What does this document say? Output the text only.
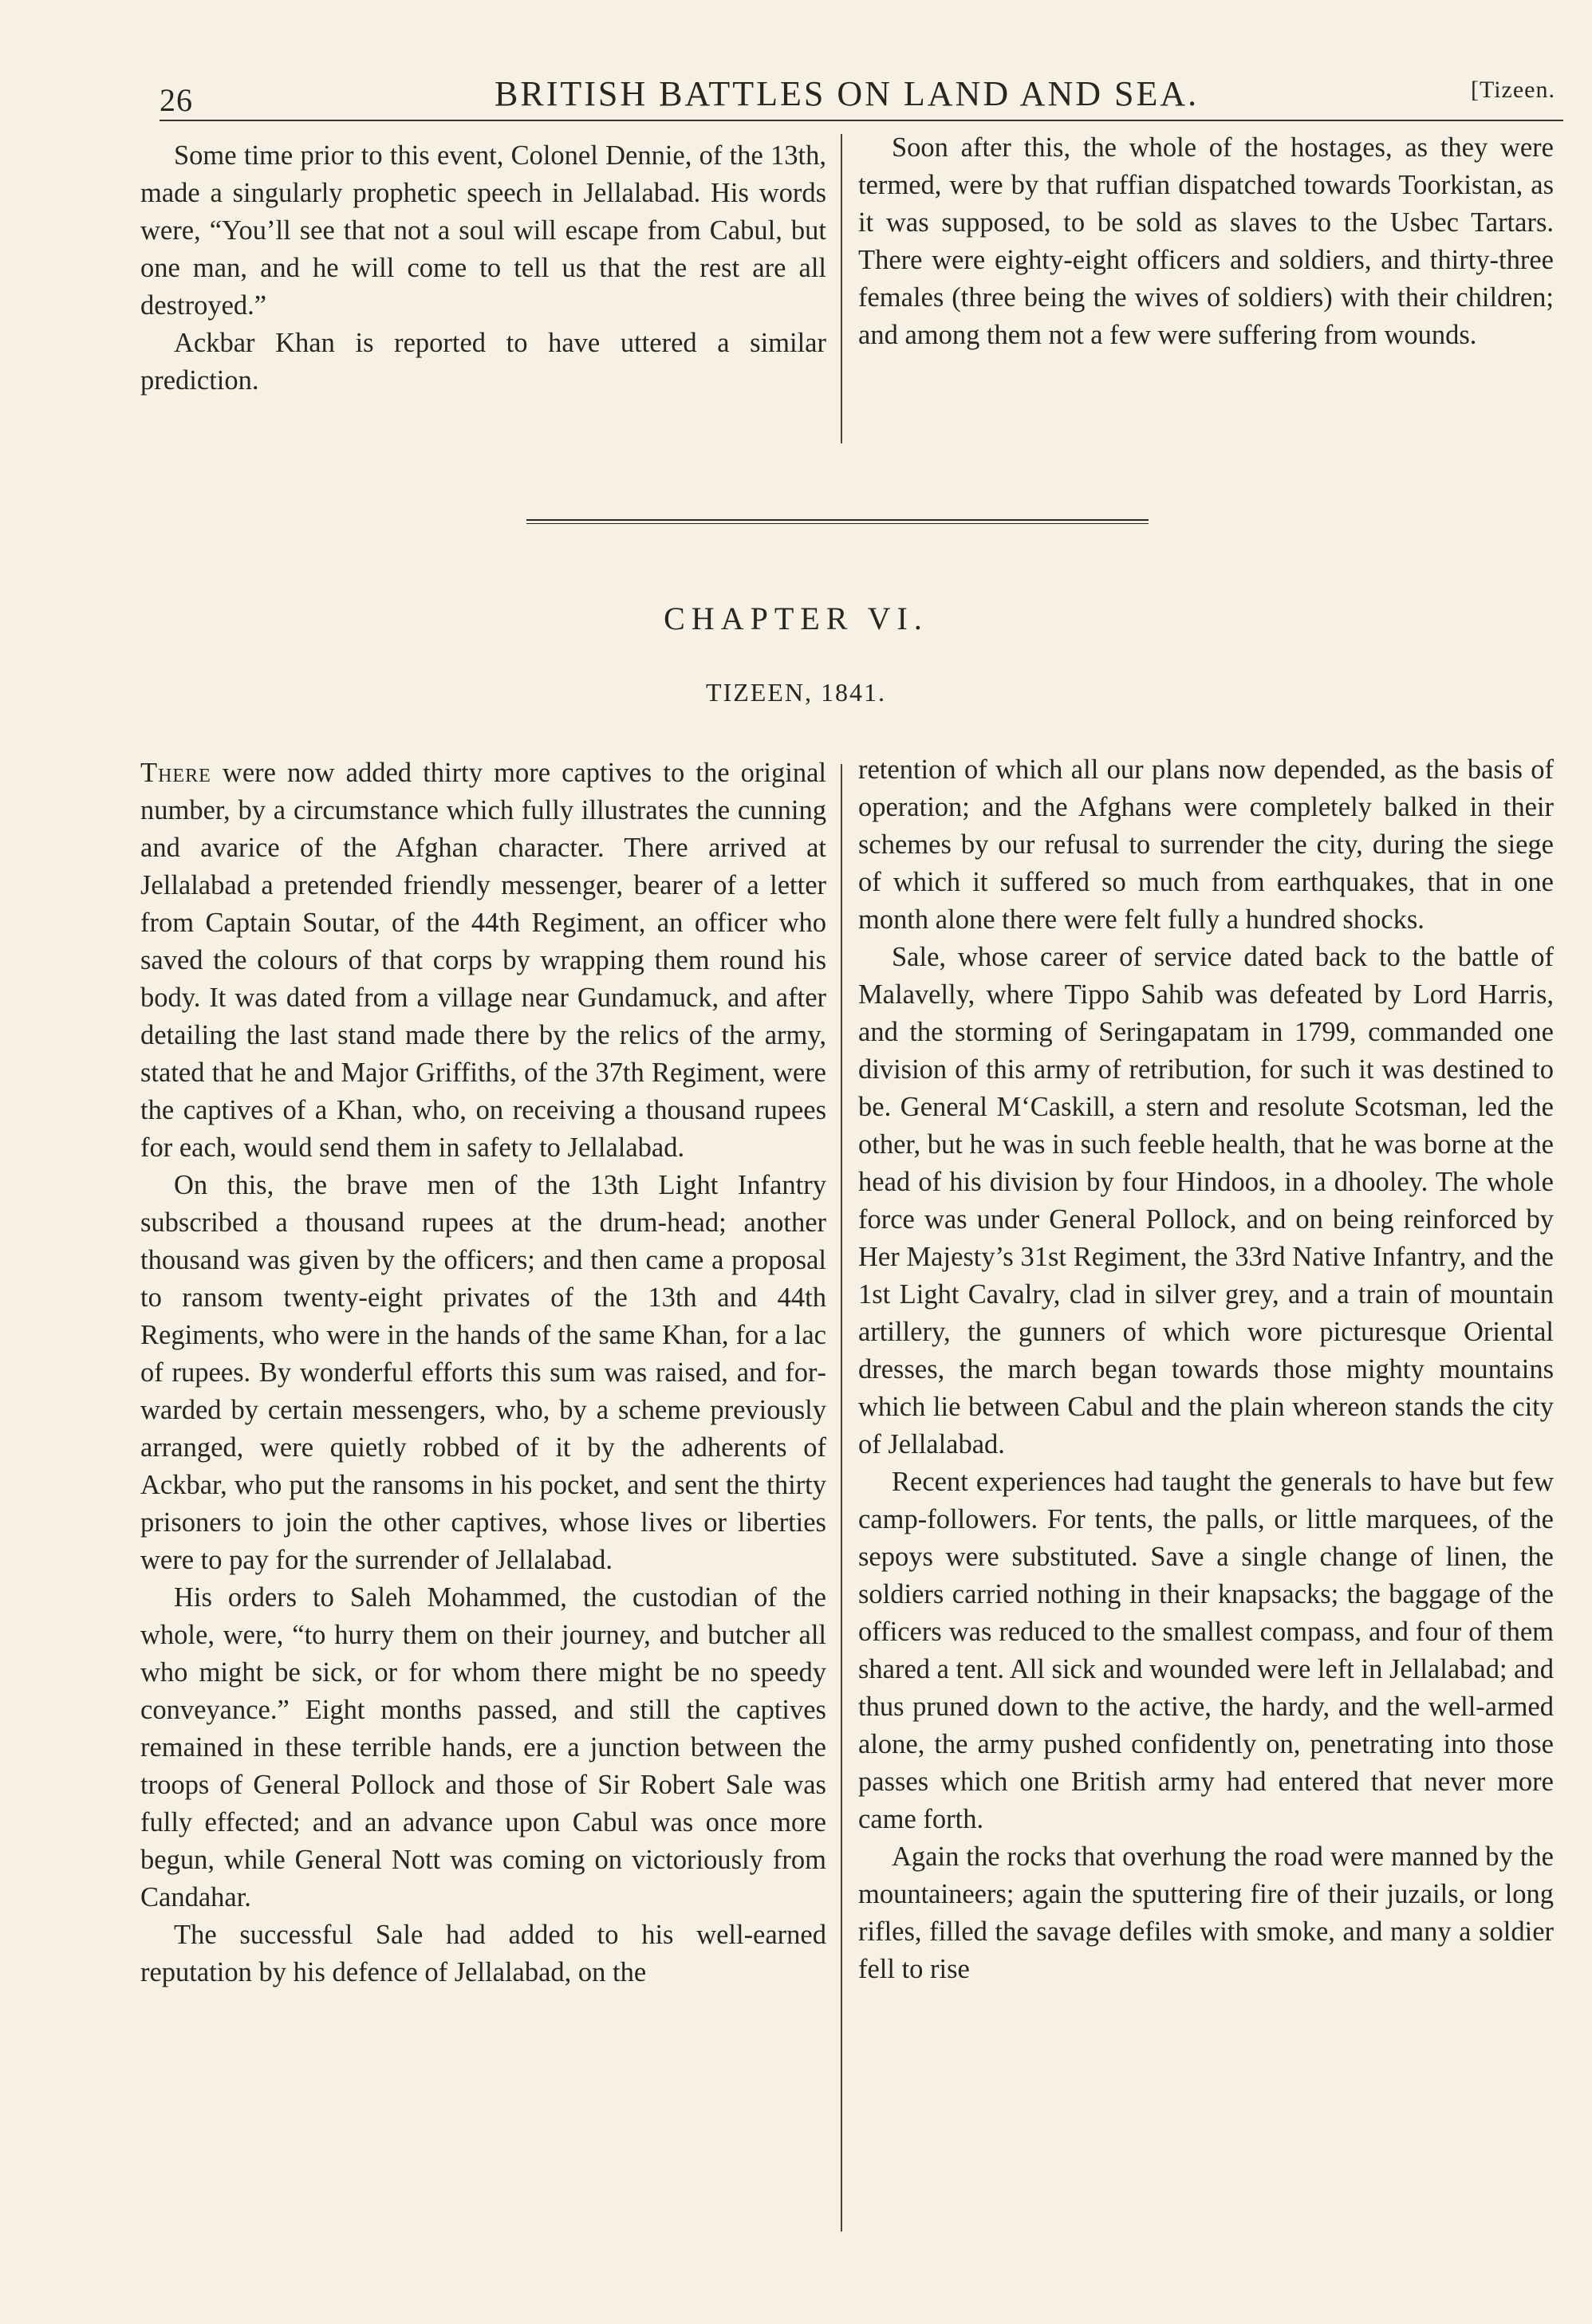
26	BRITISH BATTLES ON LAND AND SEA.	[Tizeen.

Some time prior to this event, Colonel Dennie, of the 13th, made a singularly prophetic speech in Jellalabad. His words were, “You’ll see that not a soul will escape from Cabul, but one man, and he will come to tell us that the rest are all destroyed.”

Ackbar Khan is reported to have uttered a similar prediction.

Soon after this, the whole of the hostages, as they were termed, were by that ruffian dispatched towards Toorkistan, as it was supposed, to be sold as slaves to the Usbec Tartars. There were eighty-eight officers and soldiers, and thirty-three females (three being the wives of soldiers) with their children; and among them not a few were suffering from wounds.

CHAPTER VI.
TIZEEN, 1841.

There were now added thirty more captives to the original number, by a circumstance which fully illustrates the cunning and avarice of the Afghan character. There arrived at Jellalabad a pretended friendly messenger, bearer of a letter from Captain Soutar, of the 44th Regiment, an officer who saved the colours of that corps by wrapping them round his body. It was dated from a village near Gundamuck, and after detailing the last stand made there by the relics of the army, stated that he and Major Griffiths, of the 37th Regiment, were the captives of a Khan, who, on receiving a thousand rupees for each, would send them in safety to Jellalabad.

On this, the brave men of the 13th Light Infantry subscribed a thousand rupees at the drum-head; another thousand was given by the officers; and then came a proposal to ransom twenty-eight privates of the 13th and 44th Regiments, who were in the hands of the same Khan, for a lac of rupees. By wonderful efforts this sum was raised, and forwarded by certain messengers, who, by a scheme previously arranged, were quietly robbed of it by the adherents of Ackbar, who put the ransoms in his pocket, and sent the thirty prisoners to join the other captives, whose lives or liberties were to pay for the surrender of Jellalabad.

His orders to Saleh Mohammed, the custodian of the whole, were, “to hurry them on their journey, and butcher all who might be sick, or for whom there might be no speedy conveyance.” Eight months passed, and still the captives remained in these terrible hands, ere a junction between the troops of General Pollock and those of Sir Robert Sale was fully effected; and an advance upon Cabul was once more begun, while General Nott was coming on victoriously from Candahar.

The successful Sale had added to his well-earned reputation by his defence of Jellalabad, on the

retention of which all our plans now depended, as the basis of operation; and the Afghans were completely balked in their schemes by our refusal to surrender the city, during the siege of which it suffered so much from earthquakes, that in one month alone there were felt fully a hundred shocks.

Sale, whose career of service dated back to the battle of Malavelly, where Tippo Sahib was defeated by Lord Harris, and the storming of Seringapatam in 1799, commanded one division of this army of retribution, for such it was destined to be. General M‘Caskill, a stern and resolute Scotsman, led the other, but he was in such feeble health, that he was borne at the head of his division by four Hindoos, in a dhooley. The whole force was under General Pollock, and on being reinforced by Her Majesty’s 31st Regiment, the 33rd Native Infantry, and the 1st Light Cavalry, clad in silver grey, and a train of mountain artillery, the gunners of which wore picturesque Oriental dresses, the march began towards those mighty mountains which lie between Cabul and the plain whereon stands the city of Jellalabad.

Recent experiences had taught the generals to have but few camp-followers. For tents, the palls, or little marquees, of the sepoys were substituted. Save a single change of linen, the soldiers carried nothing in their knapsacks; the baggage of the officers was reduced to the smallest compass, and four of them shared a tent. All sick and wounded were left in Jellalabad; and thus pruned down to the active, the hardy, and the well-armed alone, the army pushed confidently on, penetrating into those passes which one British army had entered that never more came forth.

Again the rocks that overhung the road were manned by the mountaineers; again the sputtering fire of their juzails, or long rifles, filled the savage defiles with smoke, and many a soldier fell to rise
